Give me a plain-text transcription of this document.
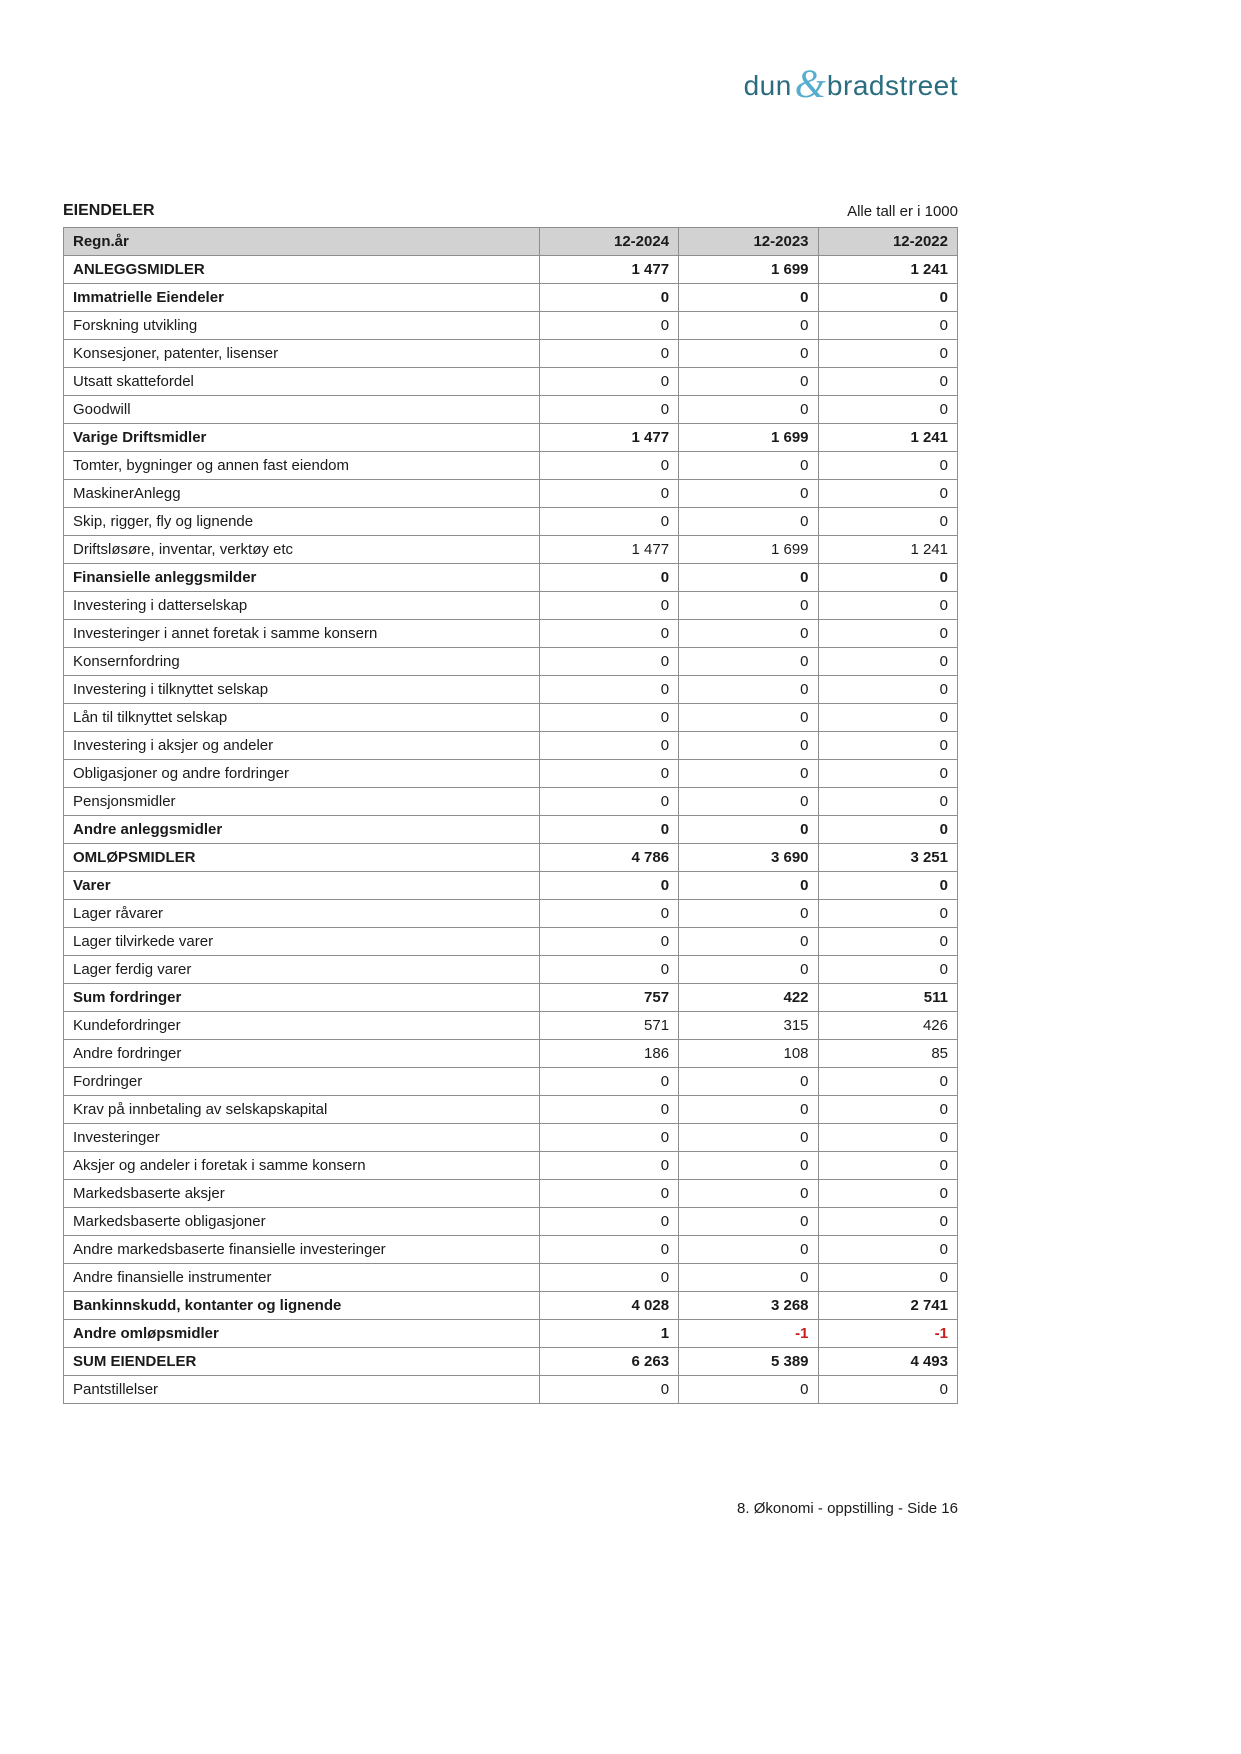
dun&bradstreet
EIENDELER	Alle tall er i 1000
Regn.år	12-2024	12-2023	12-2022
ANLEGGSMIDLER	1 477	1 699	1 241
Immatrielle Eiendeler	0	0	0
Forskning utvikling	0	0	0
Konsesjoner, patenter, lisenser	0	0	0
Utsatt skattefordel	0	0	0
Goodwill	0	0	0
Varige Driftsmidler	1 477	1 699	1 241
Tomter, bygninger og annen fast eiendom	0	0	0
MaskinerAnlegg	0	0	0
Skip, rigger, fly og lignende	0	0	0
Driftsløsøre, inventar, verktøy etc	1 477	1 699	1 241
Finansielle anleggsmilder	0	0	0
Investering i datterselskap	0	0	0
Investeringer i annet foretak i samme konsern	0	0	0
Konsernfordring	0	0	0
Investering i tilknyttet selskap	0	0	0
Lån til tilknyttet selskap	0	0	0
Investering i aksjer og andeler	0	0	0
Obligasjoner og andre fordringer	0	0	0
Pensjonsmidler	0	0	0
Andre anleggsmidler	0	0	0
OMLØPSMIDLER	4 786	3 690	3 251
Varer	0	0	0
Lager råvarer	0	0	0
Lager tilvirkede varer	0	0	0
Lager ferdig varer	0	0	0
Sum fordringer	757	422	511
Kundefordringer	571	315	426
Andre fordringer	186	108	85
Fordringer	0	0	0
Krav på innbetaling av selskapskapital	0	0	0
Investeringer	0	0	0
Aksjer og andeler i foretak i samme konsern	0	0	0
Markedsbaserte aksjer	0	0	0
Markedsbaserte obligasjoner	0	0	0
Andre markedsbaserte finansielle investeringer	0	0	0
Andre finansielle instrumenter	0	0	0
Bankinnskudd, kontanter og lignende	4 028	3 268	2 741
Andre omløpsmidler	1	-1	-1
SUM EIENDELER	6 263	5 389	4 493
Pantstillelser	0	0	0
8. Økonomi - oppstilling - Side 16
